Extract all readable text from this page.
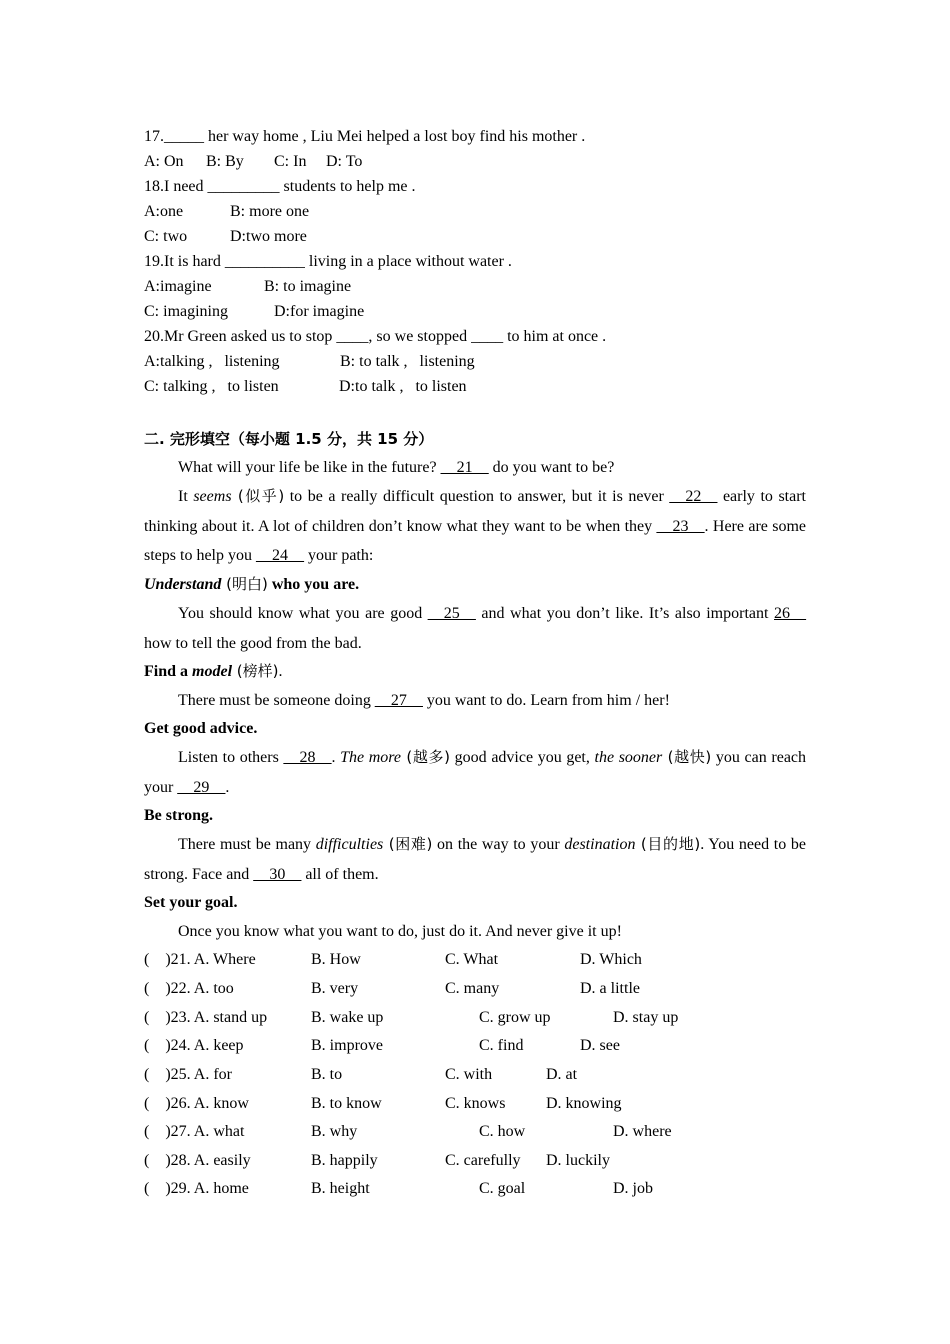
17._____ her way home , Liu Mei helped a lost boy find his mother .
A: On B: By C: In D: To
18.I need _________ students to help me .
A:one	B: more one
C: two	D:two more
19.It is hard __________ living in a place without water .
A:imagine	B: to imagine
C: imagining	D:for imagine
20.Mr Green asked us to stop ____, so we stopped ____ to him at once .
A:talking ,   listening	B: to talk ,   listening
C: talking ,   to listen	D:to talk ,   to listen
二. 完形填空（每小题 1.5 分，共 15 分）
What will your life be like in the future? __21__ do you want to be?
It seems (似乎) to be a really difficult question to answer, but it is never __22__ early to start thinking about it. A lot of children don’t know what they want to be when they __23__. Here are some steps to help you __24__ your path:
Understand (明白) who you are.
You should know what you are good __25__ and what you don’t like. It’s also important 26__ how to tell the good from the bad.
Find a model (榜样).
There must be someone doing __27__ you want to do. Learn from him / her!
Get good advice.
Listen to others __28__. The more (越多) good advice you get, the sooner (越快) you can reach your __29__.
Be strong.
There must be many difficulties (困难) on the way to your destination (目的地). You need to be strong. Face and __30__ all of them.
Set your goal.
Once you know what you want to do, just do it. And never give it up!
(    )21. A. Where	B. How	C. What	D. Which
(    )22. A. too	B. very	C. many	D. a little
(    )23. A. stand up	B. wake up	C. grow up	D. stay up
(    )24. A. keep	B. improve	C. find	D. see
(    )25. A. for	B. to	C. with	D. at
(    )26. A. know	B. to know	C. knows	D. knowing
(    )27. A. what	B. why	C. how	D. where
(    )28. A. easily	B. happily	C. carefully D. luckily
(    )29. A. home	B. height	C. goal	D. job
